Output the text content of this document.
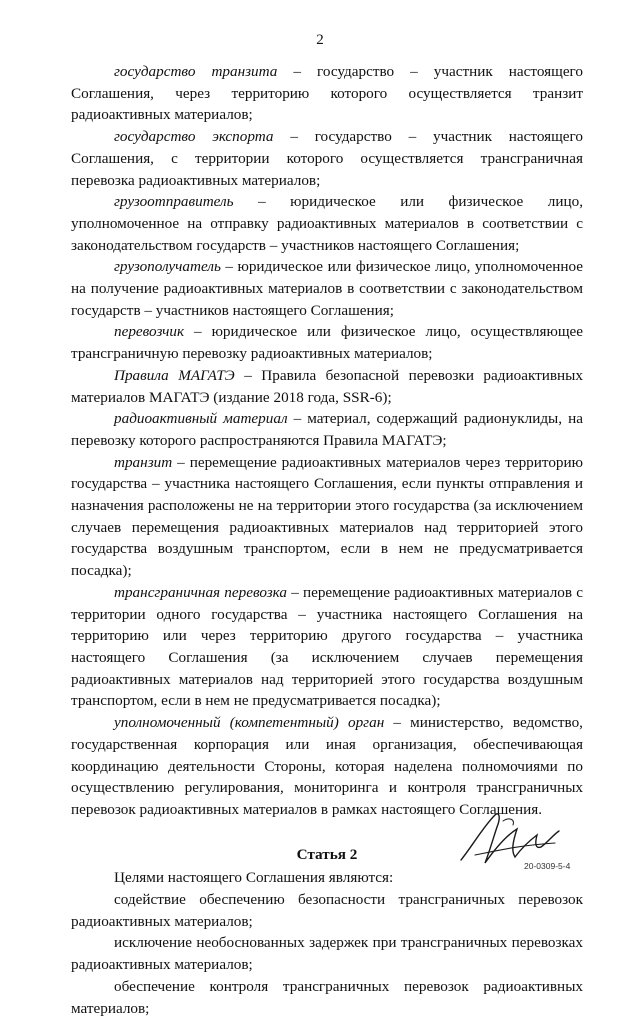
2

государство транзита – государство – участник настоящего Соглашения, через территорию которого осуществляется транзит радиоактивных материалов;

государство экспорта – государство – участник настоящего Соглашения, с территории которого осуществляется трансграничная перевозка радиоактивных материалов;

грузоотправитель – юридическое или физическое лицо, уполномоченное на отправку радиоактивных материалов в соответствии с законодательством государств – участников настоящего Соглашения;

грузополучатель – юридическое или физическое лицо, уполномоченное на получение радиоактивных материалов в соответствии с законодательством государств – участников настоящего Соглашения;

перевозчик – юридическое или физическое лицо, осуществляющее трансграничную перевозку радиоактивных материалов;

Правила МАГАТЭ – Правила безопасной перевозки радиоактивных материалов МАГАТЭ (издание 2018 года, SSR-6);

радиоактивный материал – материал, содержащий радионуклиды, на перевозку которого распространяются Правила МАГАТЭ;

транзит – перемещение радиоактивных материалов через территорию государства – участника настоящего Соглашения, если пункты отправления и назначения расположены не на территории этого государства (за исключением случаев перемещения радиоактивных материалов над территорией этого государства воздушным транспортом, если в нем не предусматривается посадка);

трансграничная перевозка – перемещение радиоактивных материалов с территории одного государства – участника настоящего Соглашения на территорию или через территорию другого государства – участника настоящего Соглашения (за исключением случаев перемещения радиоактивных материалов над территорией этого государства воздушным транспортом, если в нем не предусматривается посадка);

уполномоченный (компетентный) орган – министерство, ведомство, государственная корпорация или иная организация, обеспечивающая координацию деятельности Стороны, которая наделена полномочиями по осуществлению регулирования, мониторинга и контроля трансграничных перевозок радиоактивных материалов в рамках настоящего Соглашения.

Статья 2

Целями настоящего Соглашения являются:

содействие обеспечению безопасности трансграничных перевозок радиоактивных материалов;

исключение необоснованных задержек при трансграничных перевозках радиоактивных материалов;

обеспечение контроля трансграничных перевозок радиоактивных материалов;

20-0309-5-4
